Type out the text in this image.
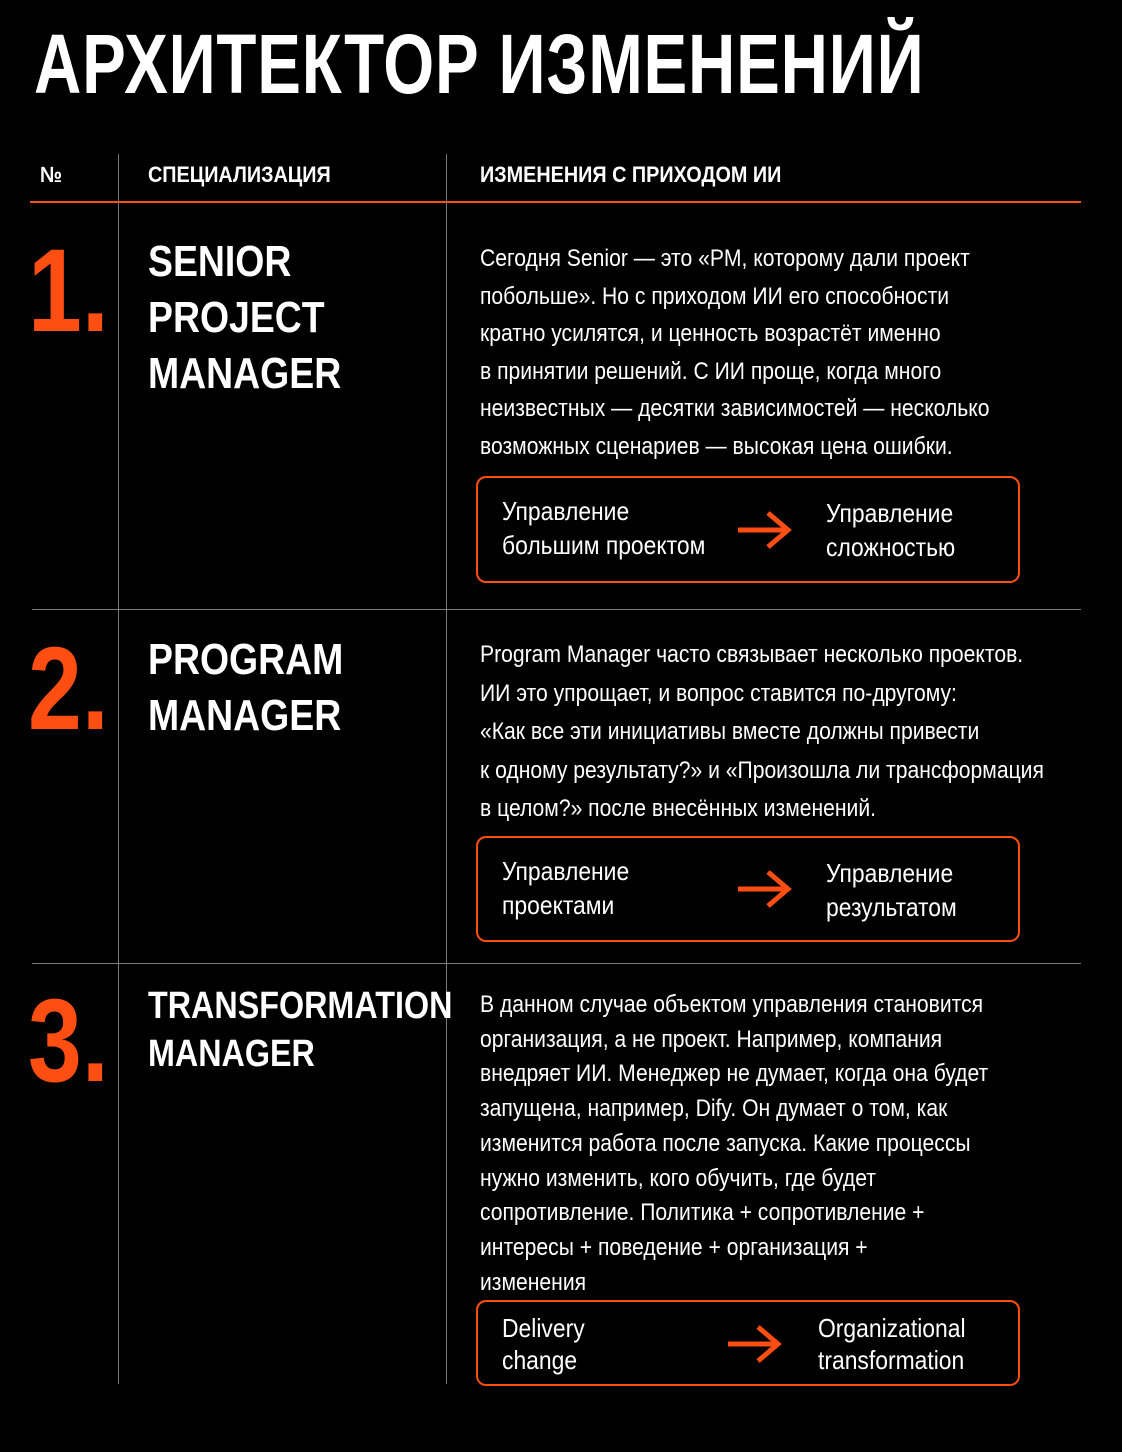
АРХИТЕКТОР ИЗМЕНЕНИЙ
№	СПЕЦИАЛИЗАЦИЯ	ИЗМЕНЕНИЯ С ПРИХОДОМ ИИ
1. SENIOR
PROJECT
MANAGER
Сегодня Senior — это «PM, которому дали проект
побольше». Но с приходом ИИ его способности
кратно усилятся, и ценность возрастёт именно
в принятии решений. С ИИ проще, когда много
неизвестных — десятки зависимостей — несколько
возможных сценариев — высокая цена ошибки.
Управление
большим проектом
Управление
сложностью
2. PROGRAM
MANAGER
Program Manager часто связывает несколько проектов.
ИИ это упрощает, и вопрос ставится по-другому:
«Как все эти инициативы вместе должны привести
к одному результату?» и «Произошла ли трансформация
в целом?» после внесённых изменений.
Управление
проектами
Управление
результатом
3. TRANSFORMATION
MANAGER
В данном случае объектом управления становится
организация, а не проект. Например, компания
внедряет ИИ. Менеджер не думает, когда она будет
запущена, например, Dify. Он думает о том, как
изменится работа после запуска. Какие процессы
нужно изменить, кого обучить, где будет
сопротивление. Политика + сопротивление +
интересы + поведение + организация +
изменения
Delivery
change
Organizational
transformation
